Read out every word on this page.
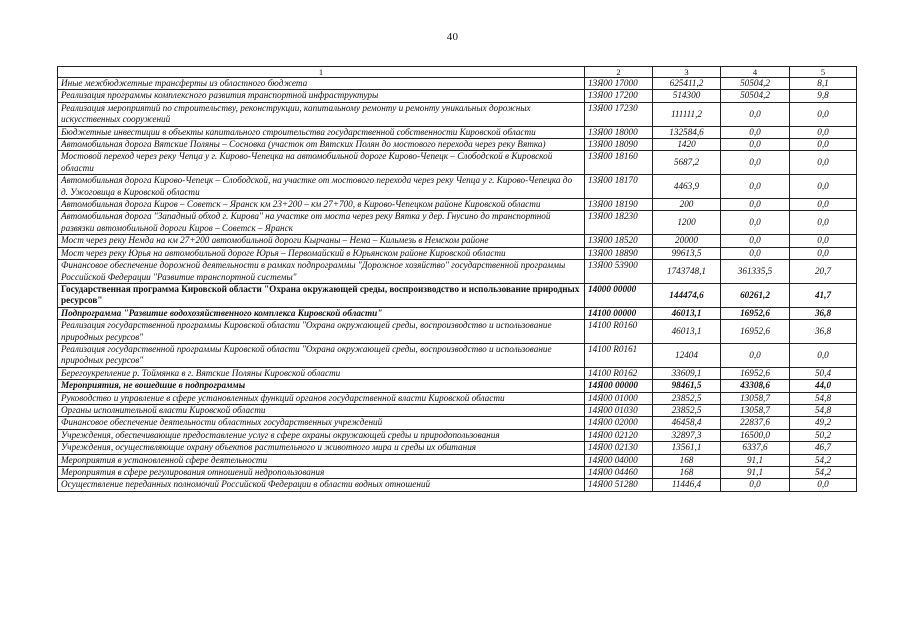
40
1	2	3	4	5
Иные межбюджетные трансферты из областного бюджета	13Я00 17000	625411,2	50504,2	8,1
Реализация программы комплексного развития транспортной инфраструктуры	13Я00 17200	514300	50504,2	9,8
Реализация мероприятий по строительству, реконструкции, капитальному ремонту и ремонту уникальных дорожных искусственных сооружений	13Я00 17230	111111,2	0,0	0,0
Бюджетные инвестиции в объекты капитального строительства государственной собственности Кировской области	13Я00 18000	132584,6	0,0	0,0
Автомобильная дорога Вятские Поляны – Сосновка (участок от Вятских Полян до мостового перехода через реку Вятка)	13Я00 18090	1420	0,0	0,0
Мостовой переход через реку Чепца у г. Кирово-Чепецка на автомобильной дороге Кирово-Чепецк – Слободской в Кировской области	13Я00 18160	5687,2	0,0	0,0
Автомобильная дорога Кирово-Чепецк – Слободской, на участке от мостового перехода через реку Чепца у г. Кирово-Чепецка до д. Ужоговица в Кировской области	13Я00 18170	4463,9	0,0	0,0
Автомобильная дорога Киров – Советск – Яранск км 23+200 – км 27+700, в Кирово-Чепецком районе Кировской области	13Я00 18190	200	0,0	0,0
Автомобильная дорога "Западный обход г. Кирова" на участке от моста через реку Вятка у дер. Гнусино до транспортной развязки автомобильной дороги Киров – Советск – Яранск	13Я00 18230	1200	0,0	0,0
Мост через реку Немда на км 27+200 автомобильной дороги Кырчаны – Нема – Кильмезь в Немском районе	13Я00 18520	20000	0,0	0,0
Мост через реку Юрья на автомобильной дороге Юрья – Первомайский в Юрьянском районе Кировской области	13Я00 18890	99613,5	0,0	0,0
Финансовое обеспечение дорожной деятельности в рамках подпрограммы "Дорожное хозяйство" государственной программы Российской Федерации "Развитие транспортной системы"	13Я00 53900	1743748,1	361335,5	20,7
Государственная программа Кировской области "Охрана окружающей среды, воспроизводство и использование природных ресурсов"	14000 00000	144474,6	60261,2	41,7
Подпрограмма "Развитие водохозяйственного комплекса Кировской области"	14100 00000	46013,1	16952,6	36,8
Реализация государственной программы Кировской области "Охрана окружающей среды, воспроизводство и использование природных ресурсов"	14100 R0160	46013,1	16952,6	36,8
Реализация государственной программы Кировской области "Охрана окружающей среды, воспроизводство и использование природных ресурсов"	14100 R0161	12404	0,0	0,0
Берегоукрепление р. Тоймянка в г. Вятские Поляны Кировской области	14100 R0162	33609,1	16952,6	50,4
Мероприятия, не вошедшие в подпрограммы	14Я00 00000	98461,5	43308,6	44,0
Руководство и управление в сфере установленных функций органов государственной власти Кировской области	14Я00 01000	23852,5	13058,7	54,8
Органы исполнительной власти Кировской области	14Я00 01030	23852,5	13058,7	54,8
Финансовое обеспечение деятельности областных государственных учреждений	14Я00 02000	46458,4	22837,6	49,2
Учреждения, обеспечивающие предоставление услуг в сфере охраны окружающей среды и природопользования	14Я00 02120	32897,3	16500,0	50,2
Учреждения, осуществляющие охрану объектов растительного и животного мира и среды их обитания	14Я00 02130	13561,1	6337,6	46,7
Мероприятия в установленной сфере деятельности	14Я00 04000	168	91,1	54,2
Мероприятия в сфере регулирования отношений недропользования	14Я00 04460	168	91,1	54,2
Осуществление переданных полномочий Российской Федерации в области водных отношений	14Я00 51280	11446,4	0,0	0,0
